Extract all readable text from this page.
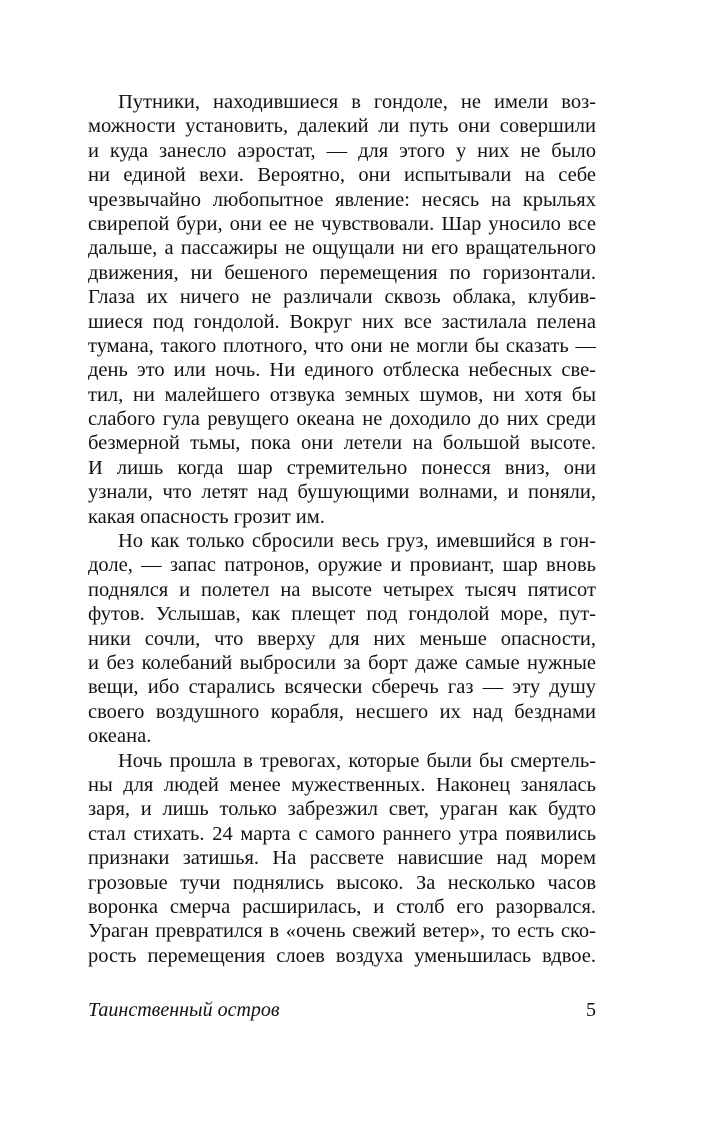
Путники, находившиеся в гондоле, не имели воз-
можности установить, далекий ли путь они совершили
и куда занесло аэростат, — для этого у них не было
ни единой вехи. Вероятно, они испытывали на себе
чрезвычайно любопытное явление: несясь на крыльях
свирепой бури, они ее не чувствовали. Шар уносило все
дальше, а пассажиры не ощущали ни его вращательного
движения, ни бешеного перемещения по горизонтали.
Глаза их ничего не различали сквозь облака, клубив-
шиеся под гондолой. Вокруг них все застилала пелена
тумана, такого плотного, что они не могли бы сказать —
день это или ночь. Ни единого отблеска небесных све-
тил, ни малейшего отзвука земных шумов, ни хотя бы
слабого гула ревущего океана не доходило до них среди
безмерной тьмы, пока они летели на большой высоте.
И лишь когда шар стремительно понесся вниз, они
узнали, что летят над бушующими волнами, и поняли,
какая опасность грозит им.
Но как только сбросили весь груз, имевшийся в гон-
доле, — запас патронов, оружие и провиант, шар вновь
поднялся и полетел на высоте четырех тысяч пятисот
футов. Услышав, как плещет под гондолой море, пут-
ники сочли, что вверху для них меньше опасности,
и без колебаний выбросили за борт даже самые нужные
вещи, ибо старались всячески сберечь газ — эту душу
своего воздушного корабля, несшего их над безднами
океана.
Ночь прошла в тревогах, которые были бы смертель-
ны для людей менее мужественных. Наконец занялась
заря, и лишь только забрезжил свет, ураган как будто
стал стихать. 24 марта с самого раннего утра появились
признаки затишья. На рассвете нависшие над морем
грозовые тучи поднялись высоко. За несколько часов
воронка смерча расширилась, и столб его разорвался.
Ураган превратился в «очень свежий ветер», то есть ско-
рость перемещения слоев воздуха уменьшилась вдвое.
Таинственный остров	5
